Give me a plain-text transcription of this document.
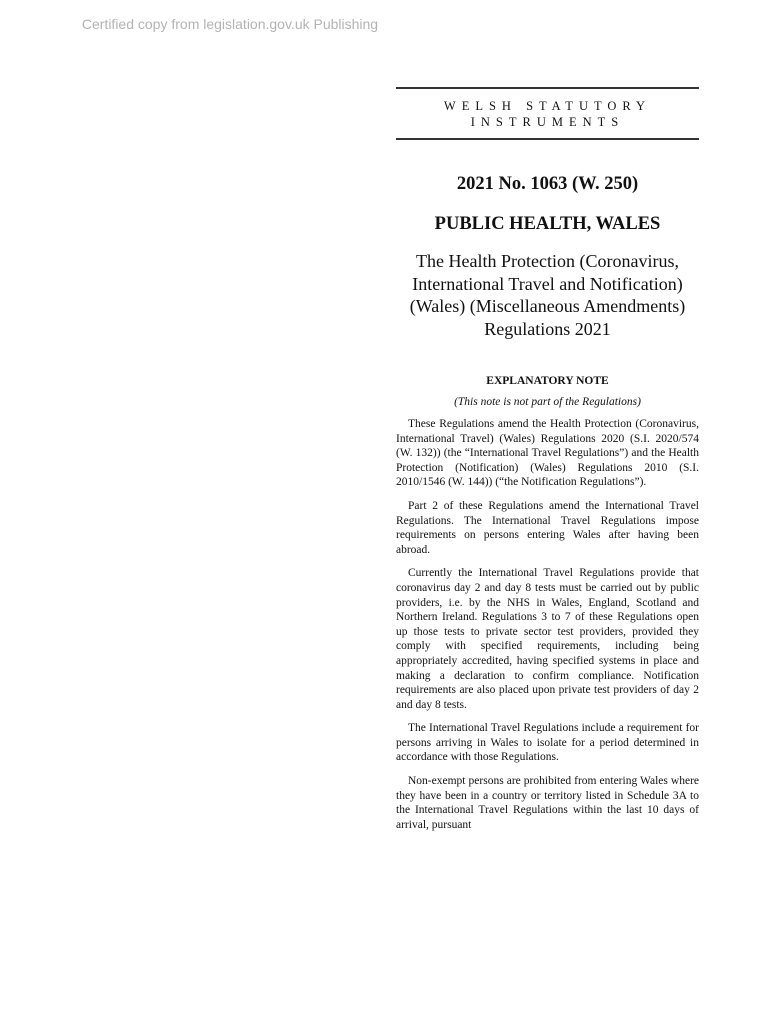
Certified copy from legislation.gov.uk Publishing
WELSH STATUTORY
INSTRUMENTS
2021 No. 1063 (W. 250)
PUBLIC HEALTH, WALES
The Health Protection (Coronavirus, International Travel and Notification) (Wales) (Miscellaneous Amendments) Regulations 2021
EXPLANATORY NOTE
(This note is not part of the Regulations)

These Regulations amend the Health Protection (Coronavirus, International Travel) (Wales) Regulations 2020 (S.I. 2020/574 (W. 132)) (the “International Travel Regulations”) and the Health Protection (Notification) (Wales) Regulations 2010 (S.I. 2010/1546 (W. 144)) (“the Notification Regulations”).

Part 2 of these Regulations amend the International Travel Regulations. The International Travel Regulations impose requirements on persons entering Wales after having been abroad.

Currently the International Travel Regulations provide that coronavirus day 2 and day 8 tests must be carried out by public providers, i.e. by the NHS in Wales, England, Scotland and Northern Ireland. Regulations 3 to 7 of these Regulations open up those tests to private sector test providers, provided they comply with specified requirements, including being appropriately accredited, having specified systems in place and making a declaration to confirm compliance. Notification requirements are also placed upon private test providers of day 2 and day 8 tests.

The International Travel Regulations include a requirement for persons arriving in Wales to isolate for a period determined in accordance with those Regulations.

Non-exempt persons are prohibited from entering Wales where they have been in a country or territory listed in Schedule 3A to the International Travel Regulations within the last 10 days of arrival, pursuant
